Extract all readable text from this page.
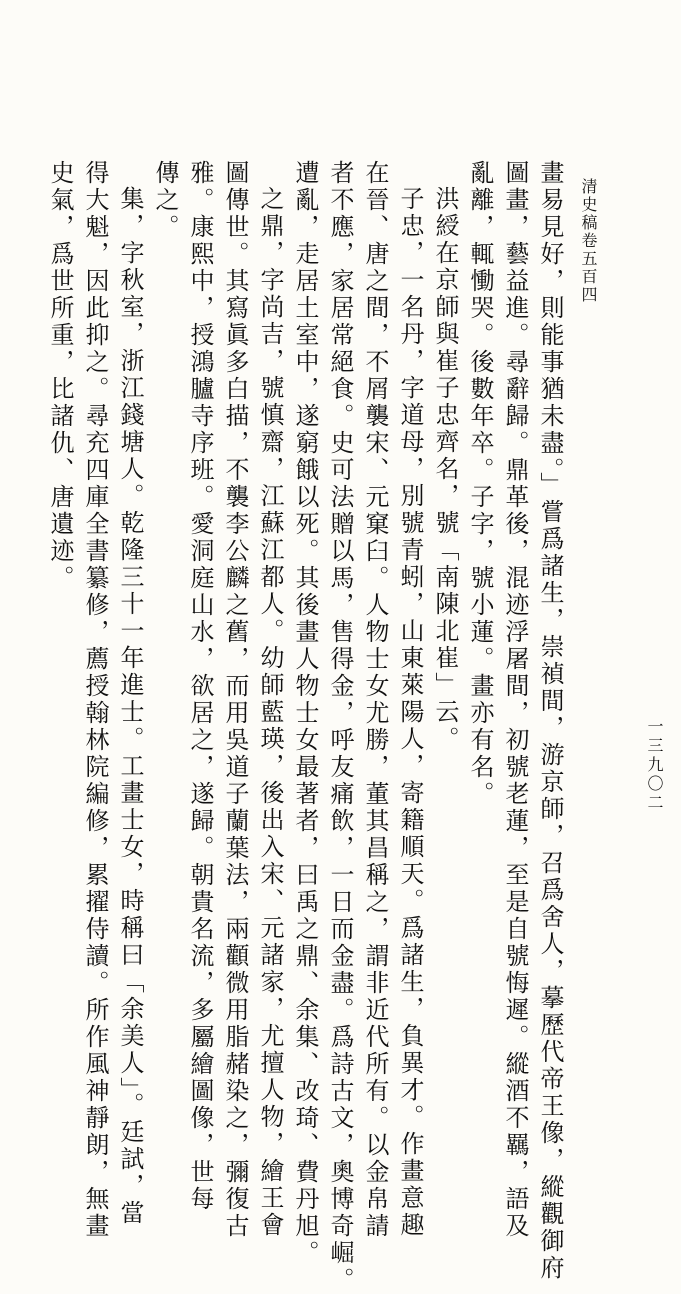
清史稿卷五百四
一三九〇二
畫易見好，則能事猶未盡。」嘗爲諸生，崇禎間，游京師，召爲舍人，摹歷代帝王像，縱觀御府
圖畫，藝益進。尋辭歸。鼎革後，混迹浮屠間，初號老蓮，至是自號悔遲。縱酒不羈，語及
亂離，輒慟哭。後數年卒。子字，號小蓮。畫亦有名。
洪綬在京師與崔子忠齊名，號「南陳北崔」云。
子忠，一名丹，字道母，別號青蚓，山東萊陽人，寄籍順天。爲諸生，負異才。作畫意趣
在晉、唐之間，不屑襲宋、元窠臼。人物士女尤勝，董其昌稱之，謂非近代所有。以金帛請
者不應，家居常絕食。史可法贈以馬，售得金，呼友痛飲，一日而金盡。爲詩古文，奧博奇崛。
遭亂，走居土室中，遂窮餓以死。其後畫人物士女最著者，曰禹之鼎、余集、改琦、費丹旭。
之鼎，字尚吉，號慎齋，江蘇江都人。幼師藍瑛，後出入宋、元諸家，尤擅人物，繪王會
圖傳世。其寫眞多白描，不襲李公麟之舊，而用吳道子蘭葉法，兩顴微用脂赭染之，彌復古
雅。康熙中，授鴻臚寺序班。愛洞庭山水，欲居之，遂歸。朝貴名流，多屬繪圖像，世每
傳之。
集，字秋室，浙江錢塘人。乾隆三十一年進士。工畫士女，時稱曰「余美人」。廷試，當
得大魁，因此抑之。尋充四庫全書纂修，薦授翰林院編修，累擢侍讀。所作風神靜朗，無畫
史氣，爲世所重，比諸仇、唐遺迹。
